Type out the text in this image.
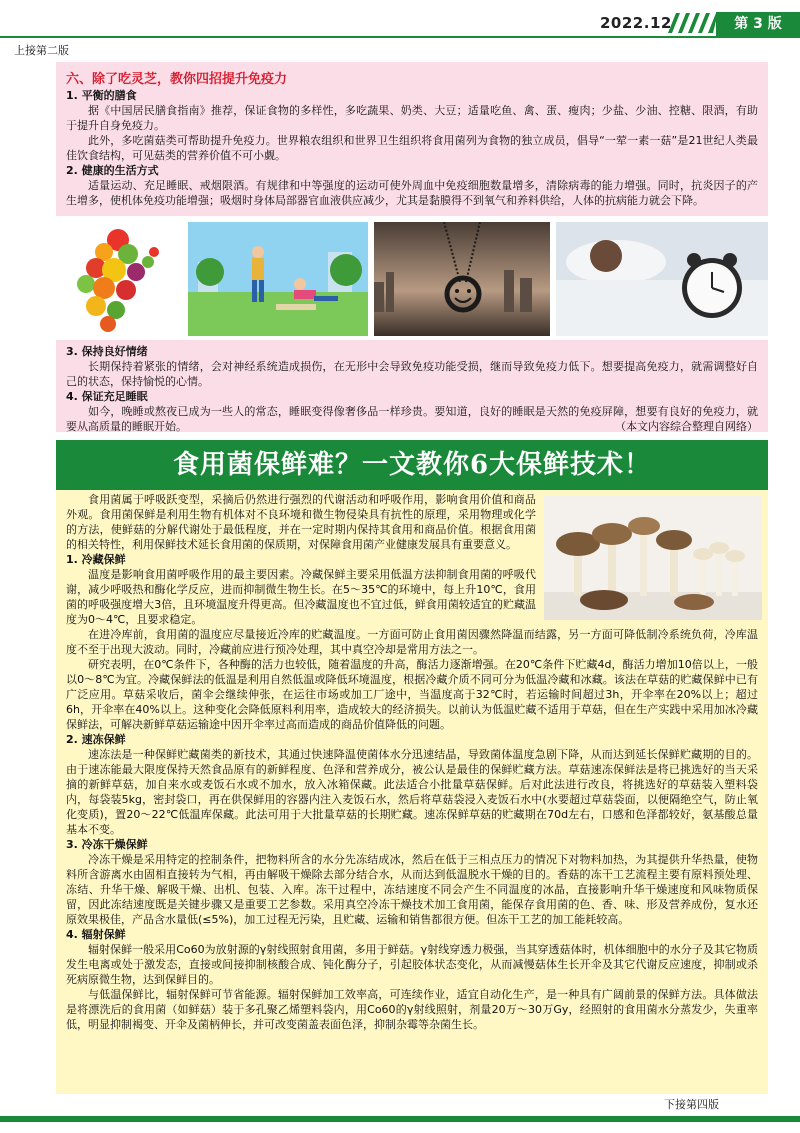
2022.12	第 3 版
上接第二版

六、除了吃灵芝，教你四招提升免疫力

1. 平衡的膳食

据《中国居民膳食指南》推荐，保证食物的多样性，多吃蔬果、奶类、大豆；适量吃鱼、禽、蛋、瘦肉；少盐、少油、控糖、限酒，有助于提升自身免疫力。

此外，多吃菌菇类可帮助提升免疫力。世界粮农组织和世界卫生组织将食用菌列为食物的独立成员，倡导“一荤一素一菇”是21世纪人类最佳饮食结构，可见菇类的营养价值不可小觑。

2. 健康的生活方式

适量运动、充足睡眠、戒烟限酒。有规律和中等强度的运动可使外周血中免疫细胞数量增多，清除病毒的能力增强。同时，抗炎因子的产生增多，使机体免疫功能增强；吸烟时身体局部器官血液供应减少，尤其是黏膜得不到氧气和养料供给，人体的抗病能力就会下降。

3. 保持良好情绪

长期保持着紧张的情绪，会对神经系统造成损伤，在无形中会导致免疫功能受损，继而导致免疫力低下。想要提高免疫力，就需调整好自己的状态，保持愉悦的心情。

4. 保证充足睡眠

如今，晚睡或熬夜已成为一些人的常态，睡眠变得像奢侈品一样珍贵。要知道，良好的睡眠是天然的免疫屏障，想要有良好的免疫力，就要从高质量的睡眠开始。	（本文内容综合整理自网络）

食用菌属于呼吸跃变型，采摘后仍然进行强烈的代谢活动和呼吸作用，影响食用价值和商品外观。食用菌保鲜是利用生物有机体对不良环境和微生物侵染具有抗性的原理，采用物理或化学的方法，使鲜菇的分解代谢处于最低程度，并在一定时期内保持其食用和商品价值。根据食用菌的相关特性，利用保鲜技术延长食用菌的保质期，对保障食用菌产业健康发展具有重要意义。

1. 冷藏保鲜

温度是影响食用菌呼吸作用的最主要因素。冷藏保鲜主要采用低温方法抑制食用菌的呼吸代谢，减少呼吸热和酶化学反应，进而抑制微生物生长。在5～35℃的环境中，每上升10℃，食用菌的呼吸强度增大3倍，且环境温度升得更高。但冷藏温度也不宜过低，鲜食用菌较适宜的贮藏温度为0～4℃，且要求稳定。

在进冷库前，食用菌的温度应尽量接近冷库的贮藏温度。一方面可防止食用菌因骤然降温而结露，另一方面可降低制冷系统负荷，冷库温度不至于出现大波动。同时，冷藏前应进行预冷处理，其中真空冷却是常用方法之一。

研究表明，在0℃条件下，各种酶的活力也较低，随着温度的升高，酶活力逐渐增强。在20℃条件下贮藏4d，酶活力增加10倍以上，一般以0～8℃为宜。冷藏保鲜法的低温是利用自然低温或降低环境温度，根据冷藏介质不同可分为低温冷藏和冰藏。该法在草菇的贮藏保鲜中已有广泛应用。草菇采收后，菌伞会继续伸张，在运往市场或加工厂途中，当温度高于32℃时，若运输时间超过3h，开伞率在20%以上；超过6h，开伞率在40%以上。这种变化会降低原料利用率，造成较大的经济损失。以前认为低温贮藏不适用于草菇，但在生产实践中采用加冰冷藏保鲜法，可解决新鲜草菇运输途中因开伞率过高而造成的商品价值降低的问题。

2. 速冻保鲜

速冻法是一种保鲜贮藏菌类的新技术，其通过快速降温使菌体水分迅速结晶，导致菌体温度急剧下降，从而达到延长保鲜贮藏期的目的。由于速冻能最大限度保持天然食品原有的新鲜程度、色泽和营养成分，被公认是最佳的保鲜贮藏方法。草菇速冻保鲜法是将已挑选好的当天采摘的新鲜草菇，加自来水或麦饭石水或不加水，放入冰箱保藏。此法适合小批量草菇保鲜。后对此法进行改良，将挑选好的草菇装入塑料袋内，每袋装5kg，密封袋口，再在供保鲜用的容器内注入麦饭石水，然后将草菇袋浸入麦饭石水中(水要超过草菇袋面，以便隔绝空气，防止氧化变质)，置20～22℃低温库保藏。此法可用于大批量草菇的长期贮藏。速冻保鲜草菇的贮藏期在70d左右，口感和色泽都较好，氨基酸总量基本不变。

3. 冷冻干燥保鲜

冷冻干燥是采用特定的控制条件，把物料所含的水分先冻结成冰，然后在低于三相点压力的情况下对物料加热，为其提供升华热量，使物料所含游离水由固相直接转为气相，再由解吸干燥除去部分结合水，从而达到低温脱水干燥的目的。香菇的冻干工艺流程主要有原料预处理、冻结、升华干燥、解吸干燥、出机、包装、入库。冻干过程中，冻结速度不同会产生不同温度的冰晶，直接影响升华干燥速度和风味物质保留，因此冻结速度既是关键步骤又是重要工艺参数。采用真空冷冻干燥技术加工食用菌，能保存食用菌的色、香、味、形及营养成份，复水还原效果极佳，产品含水量低(≤5%)，加工过程无污染，且贮藏、运输和销售都很方便。但冻干工艺的加工能耗较高。

4. 辐射保鲜

辐射保鲜一般采用Co60为放射源的γ射线照射食用菌，多用于鲜菇。γ射线穿透力极强，当其穿透菇体时，机体细胞中的水分子及其它物质发生电离或处于激发态，直接或间接抑制核酸合成、钝化酶分子，引起胶体状态变化，从而减慢菇体生长开伞及其它代谢反应速度，抑制或杀死病原微生物，达到保鲜目的。

与低温保鲜比，辐射保鲜可节省能源。辐射保鲜加工效率高，可连续作业，适宜自动化生产，是一种具有广阔前景的保鲜方法。具体做法是将漂洗后的食用菌（如鲜菇）装于多孔聚乙烯塑料袋内，用Co60的γ射线照射，剂量20万～30万Gy，经照射的食用菌水分蒸发少，失重率低，明显抑制褐变、开伞及菌柄伸长，并可改变菌盖表面色泽，抑制杂霉等杂菌生长。

食用菌保鲜难？一文教你6大保鲜技术！
下接第四版
